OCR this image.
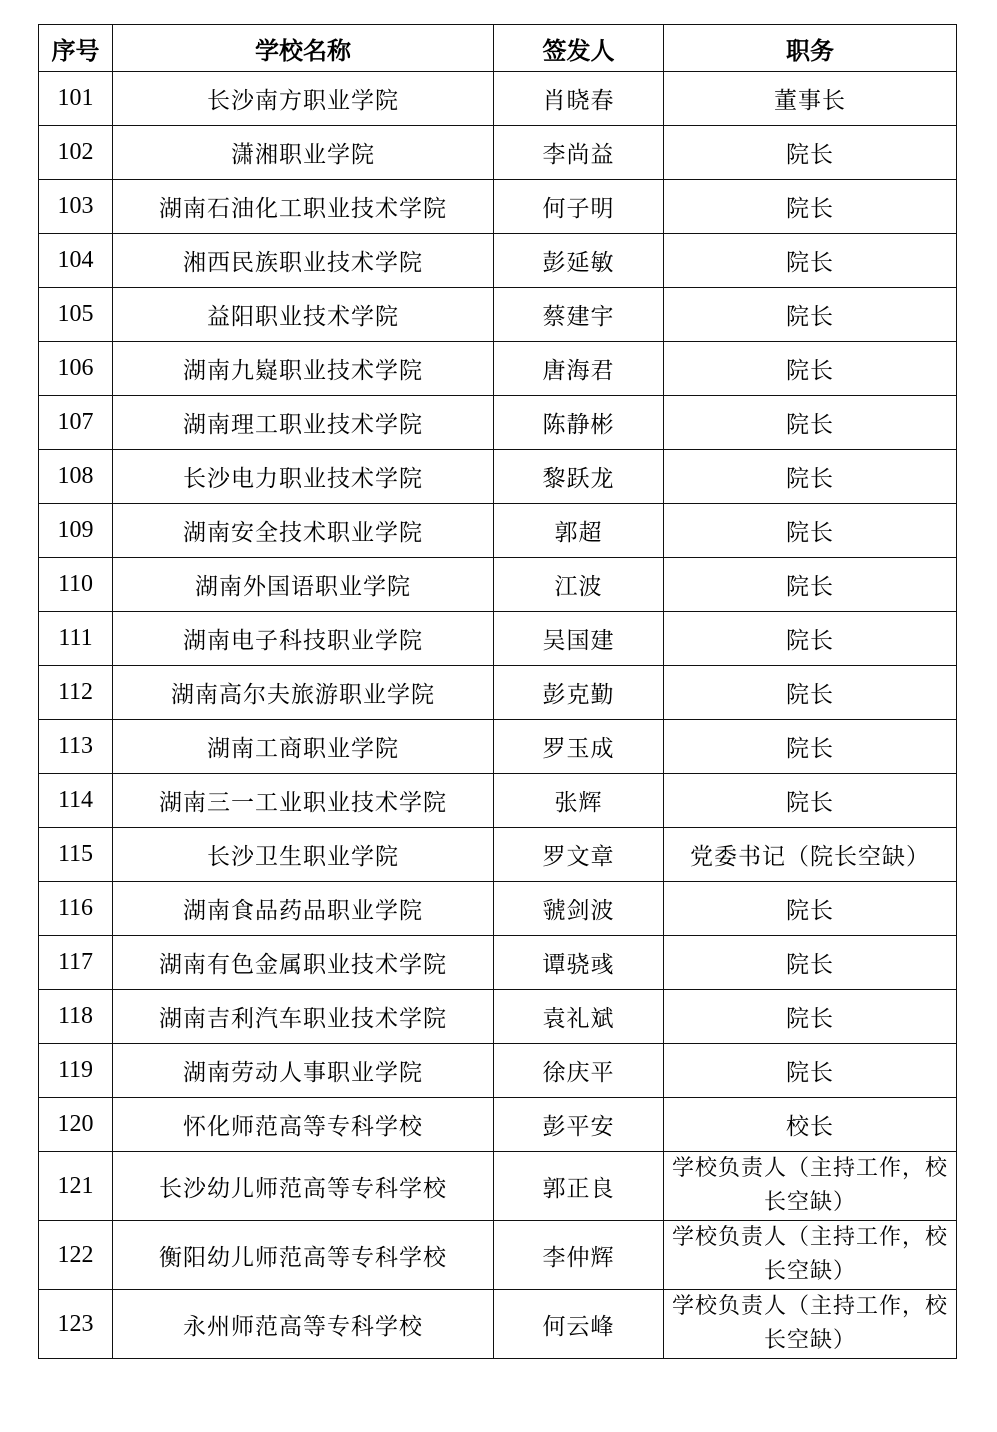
序号	学校名称	签发人	职务
101	长沙南方职业学院	肖晓春	董事长
102	潇湘职业学院	李尚益	院长
103	湖南石油化工职业技术学院	何子明	院长
104	湘西民族职业技术学院	彭延敏	院长
105	益阳职业技术学院	蔡建宇	院长
106	湖南九嶷职业技术学院	唐海君	院长
107	湖南理工职业技术学院	陈静彬	院长
108	长沙电力职业技术学院	黎跃龙	院长
109	湖南安全技术职业学院	郭超	院长
110	湖南外国语职业学院	江波	院长
111	湖南电子科技职业学院	吴国建	院长
112	湖南高尔夫旅游职业学院	彭克勤	院长
113	湖南工商职业学院	罗玉成	院长
114	湖南三一工业职业技术学院	张辉	院长
115	长沙卫生职业学院	罗文章	党委书记（院长空缺）
116	湖南食品药品职业学院	虢剑波	院长
117	湖南有色金属职业技术学院	谭骁彧	院长
118	湖南吉利汽车职业技术学院	袁礼斌	院长
119	湖南劳动人事职业学院	徐庆平	院长
120	怀化师范高等专科学校	彭平安	校长
121	长沙幼儿师范高等专科学校	郭正良	学校负责人（主持工作，校长空缺）
122	衡阳幼儿师范高等专科学校	李仲辉	学校负责人（主持工作，校长空缺）
123	永州师范高等专科学校	何云峰	学校负责人（主持工作，校长空缺）
